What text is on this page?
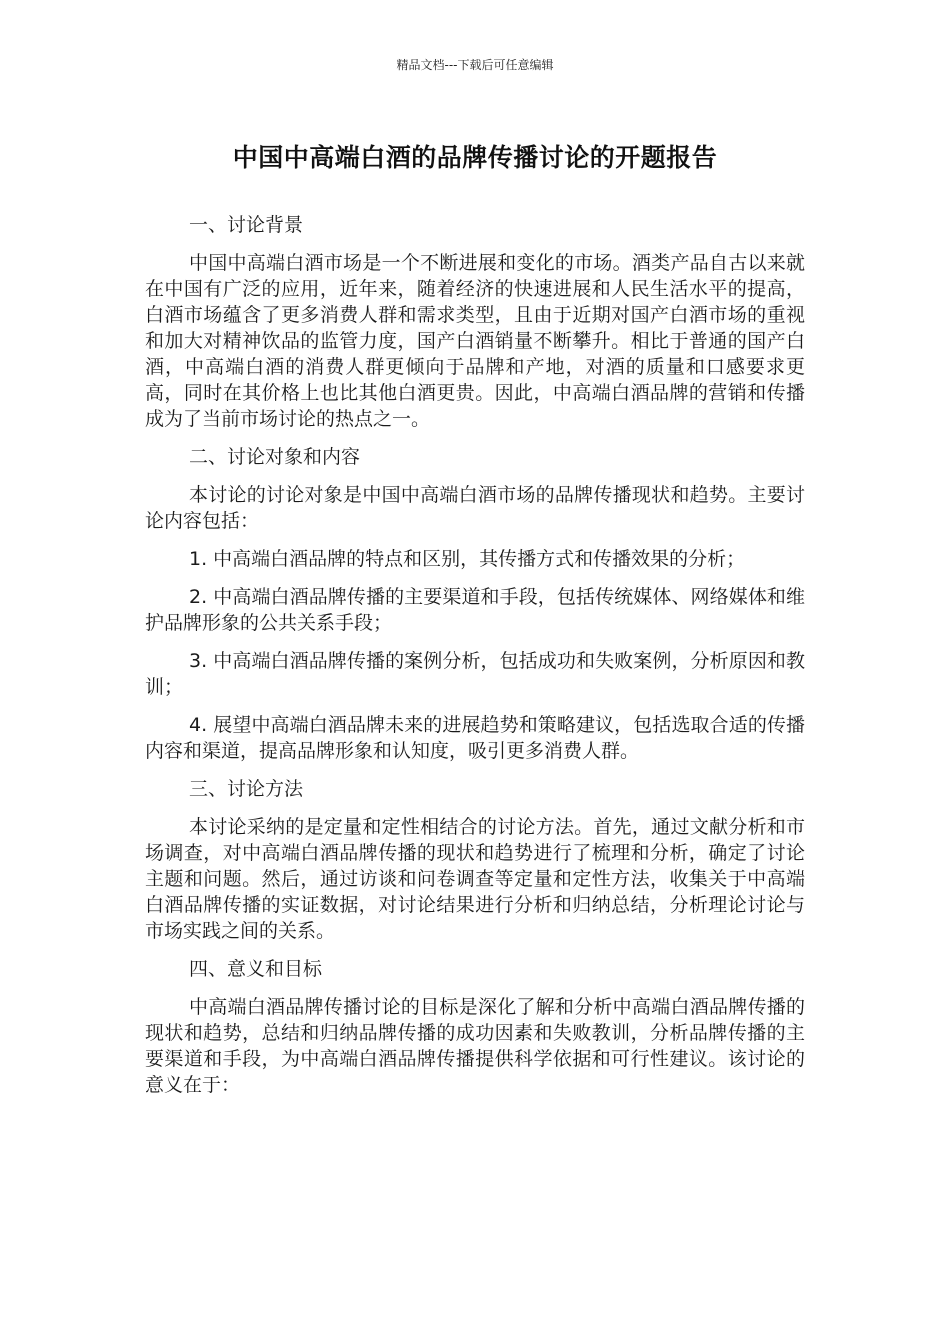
精品文档---下载后可任意编辑
中国中高端白酒的品牌传播讨论的开题报告

一、讨论背景

中国中高端白酒市场是一个不断进展和变化的市场。酒类产品自古以来就在中国有广泛的应用，近年来，随着经济的快速进展和人民生活水平的提高，白酒市场蕴含了更多消费人群和需求类型，且由于近期对国产白酒市场的重视和加大对精神饮品的监管力度，国产白酒销量不断攀升。相比于普通的国产白酒，中高端白酒的消费人群更倾向于品牌和产地，对酒的质量和口感要求更高，同时在其价格上也比其他白酒更贵。因此，中高端白酒品牌的营销和传播成为了当前市场讨论的热点之一。

二、讨论对象和内容

本讨论的讨论对象是中国中高端白酒市场的品牌传播现状和趋势。主要讨论内容包括：

1. 中高端白酒品牌的特点和区别，其传播方式和传播效果的分析；

2. 中高端白酒品牌传播的主要渠道和手段，包括传统媒体、网络媒体和维护品牌形象的公共关系手段；

3. 中高端白酒品牌传播的案例分析，包括成功和失败案例，分析原因和教训；

4. 展望中高端白酒品牌未来的进展趋势和策略建议，包括选取合适的传播内容和渠道，提高品牌形象和认知度，吸引更多消费人群。

三、讨论方法

本讨论采纳的是定量和定性相结合的讨论方法。首先，通过文献分析和市场调查，对中高端白酒品牌传播的现状和趋势进行了梳理和分析，确定了讨论主题和问题。然后，通过访谈和问卷调查等定量和定性方法，收集关于中高端白酒品牌传播的实证数据，对讨论结果进行分析和归纳总结，分析理论讨论与市场实践之间的关系。

四、意义和目标

中高端白酒品牌传播讨论的目标是深化了解和分析中高端白酒品牌传播的现状和趋势，总结和归纳品牌传播的成功因素和失败教训，分析品牌传播的主要渠道和手段，为中高端白酒品牌传播提供科学依据和可行性建议。该讨论的意义在于：
